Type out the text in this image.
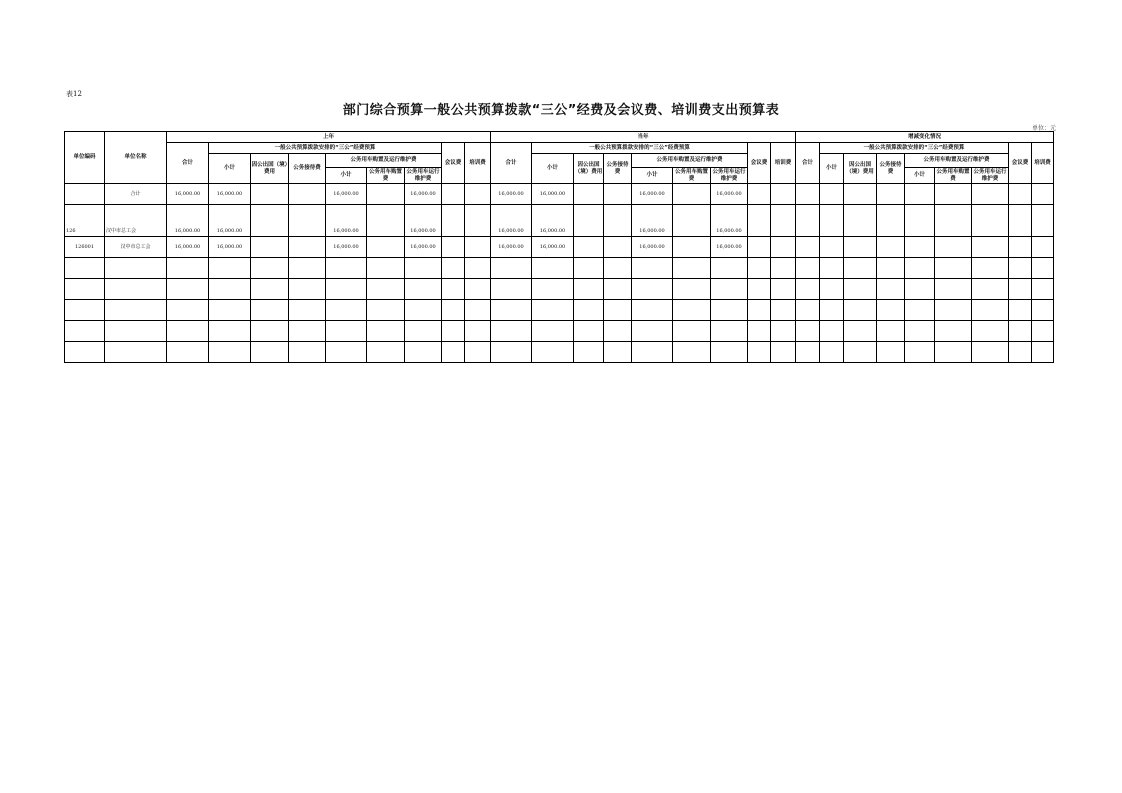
表12
部门综合预算一般公共预算拨款“三公”经费及会议费、培训费支出预算表
单位：元
单位编码	单位名称	上年									当年									增减变化情况								
		合计	一般公共预算拨款安排的“三公”经费预算						会议费	培训费	合计	一般公共预算拨款安排的“三公”经费预算						会议费	培训费	合计	一般公共预算拨款安排的“三公”经费预算						会议费	培训费
			小计	因公出国（境）费用	公务接待费	公务用车购置及运行维护费						小计	因公出国（境）费用	公务接待费	公务用车购置及运行维护费						小计	因公出国（境）费用	公务接待费	公务用车购置及运行维护费				
						小计	公务用车购置费	公务用车运行维护费							小计	公务用车购置费	公务用车运行维护费							小计	公务用车购置费	公务用车运行维护费		
	合计	16,000.00	16,000.00			16,000.00		16,000.00			16,000.00	16,000.00			16,000.00		16,000.00											
126	汉中市总工会	16,000.00	16,000.00			16,000.00		16,000.00			16,000.00	16,000.00			16,000.00		16,000.00											
126001	汉中市总工会	16,000.00	16,000.00			16,000.00		16,000.00			16,000.00	16,000.00			16,000.00		16,000.00											
